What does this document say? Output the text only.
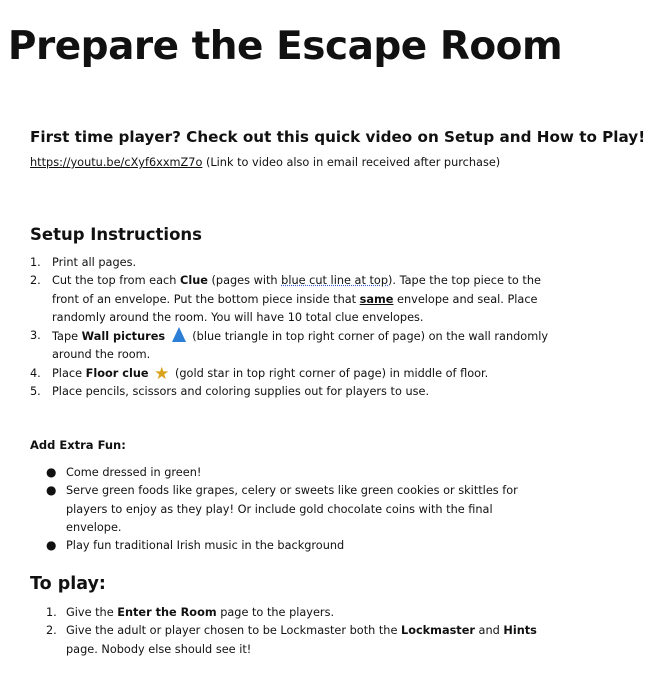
Prepare the Escape Room
First time player? Check out this quick video on Setup and How to Play!
https://youtu.be/cXyf6xxmZ7o (Link to video also in email received after purchase)
Setup Instructions
1. Print all pages.
2. Cut the top from each Clue (pages with blue cut line at top). Tape the top piece to the front of an envelope. Put the bottom piece inside that same envelope and seal. Place randomly around the room. You will have 10 total clue envelopes.
3. Tape Wall pictures  (blue triangle in top right corner of page) on the wall randomly around the room.
4. Place Floor clue ★ (gold star in top right corner of page) in middle of floor.
5. Place pencils, scissors and coloring supplies out for players to use.
Add Extra Fun:
● Come dressed in green!
● Serve green foods like grapes, celery or sweets like green cookies or skittles for players to enjoy as they play! Or include gold chocolate coins with the final envelope.
● Play fun traditional Irish music in the background
To play:
1. Give the Enter the Room page to the players.
2. Give the adult or player chosen to be Lockmaster both the Lockmaster and Hints page. Nobody else should see it!
